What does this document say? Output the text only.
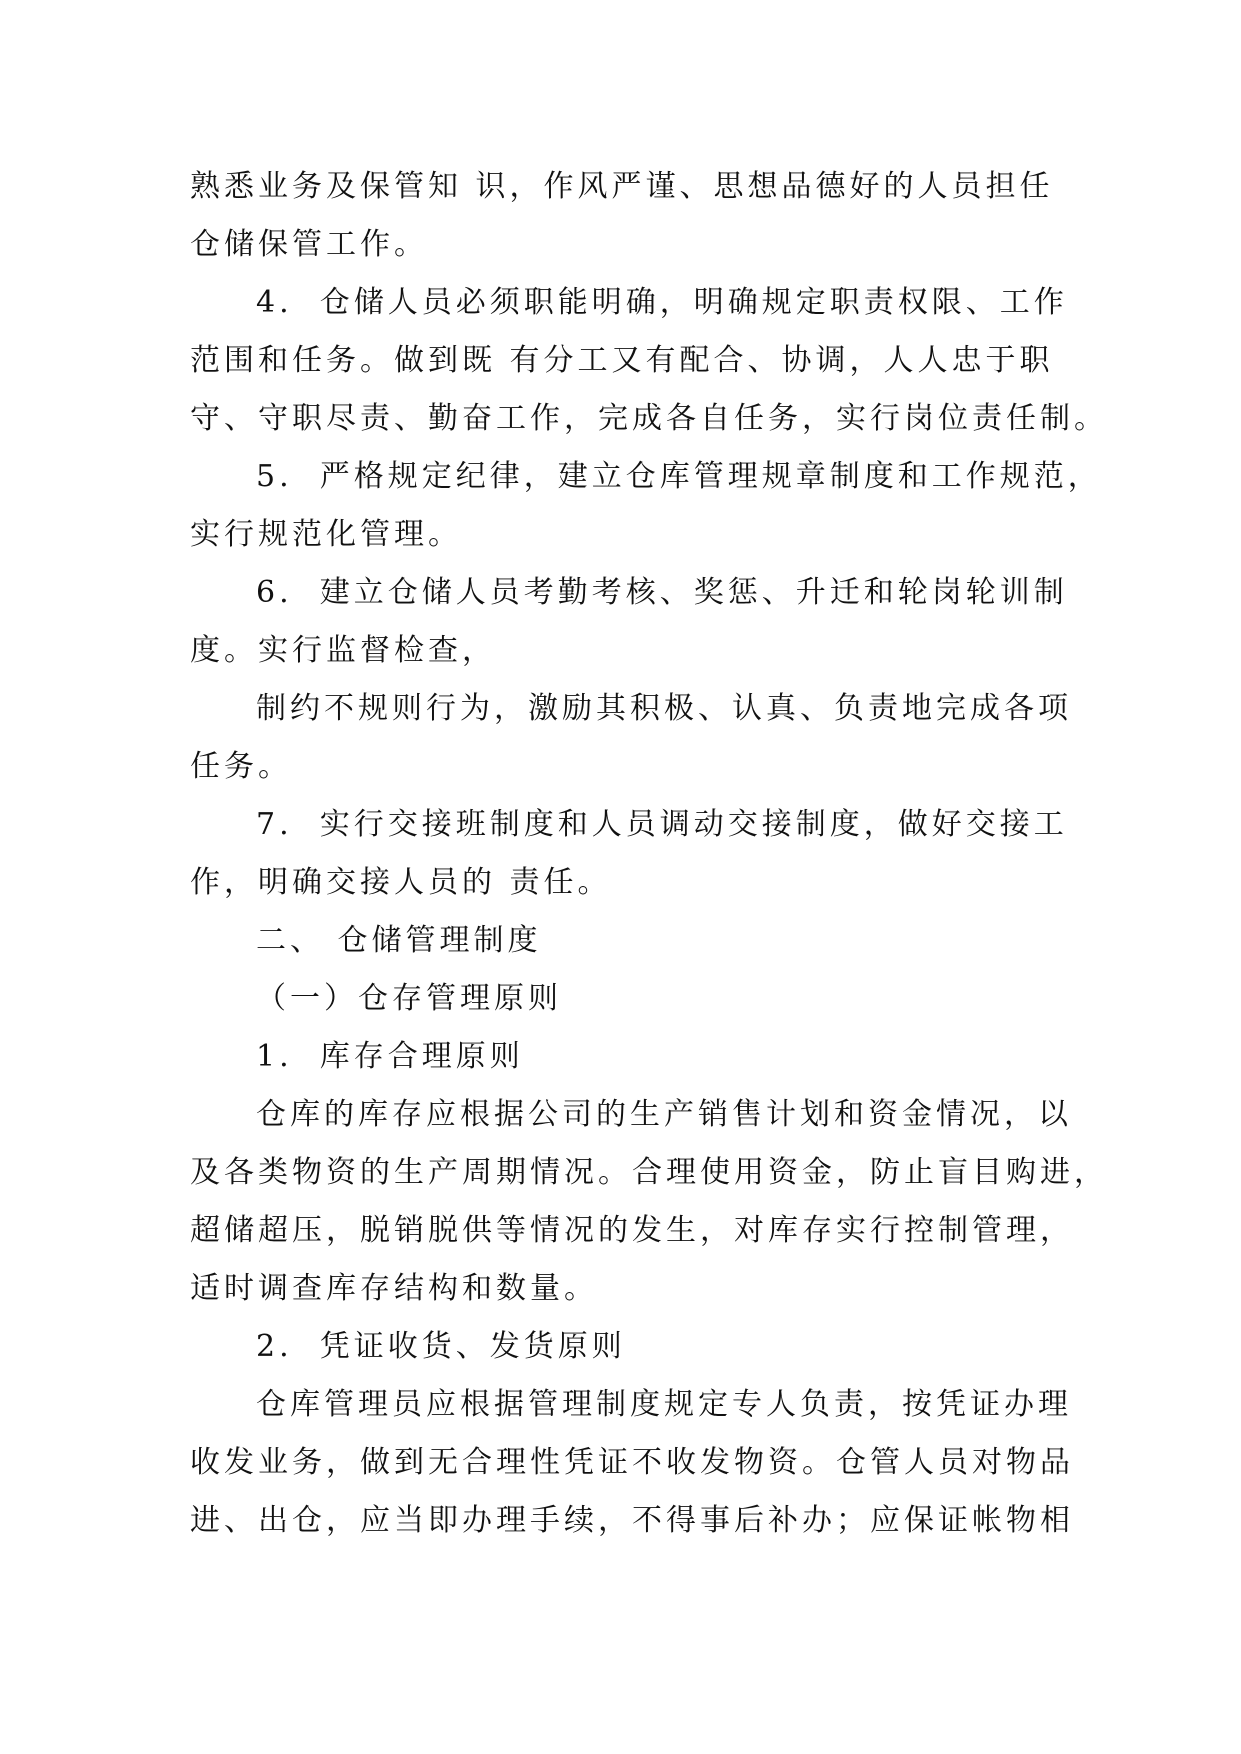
熟悉业务及保管知 识，作风严谨、思想品德好的人员担任
仓储保管工作。
4.  仓储人员必须职能明确，明确规定职责权限、工作
范围和任务。做到既 有分工又有配合、协调，人人忠于职
守、守职尽责、勤奋工作，完成各自任务，实行岗位责任制。
5.  严格规定纪律，建立仓库管理规章制度和工作规范，
实行规范化管理。
6.  建立仓储人员考勤考核、奖惩、升迁和轮岗轮训制
度。实行监督检查，
制约不规则行为，激励其积极、认真、负责地完成各项
任务。
7.  实行交接班制度和人员调动交接制度，做好交接工
作，明确交接人员的 责任。
二、 仓储管理制度
（一）仓存管理原则
1.  库存合理原则
仓库的库存应根据公司的生产销售计划和资金情况，以
及各类物资的生产周期情况。合理使用资金，防止盲目购进，
超储超压，脱销脱供等情况的发生，对库存实行控制管理，
适时调查库存结构和数量。
2.  凭证收货、发货原则
仓库管理员应根据管理制度规定专人负责，按凭证办理
收发业务，做到无合理性凭证不收发物资。仓管人员对物品
进、出仓，应当即办理手续，不得事后补办；应保证帐物相
